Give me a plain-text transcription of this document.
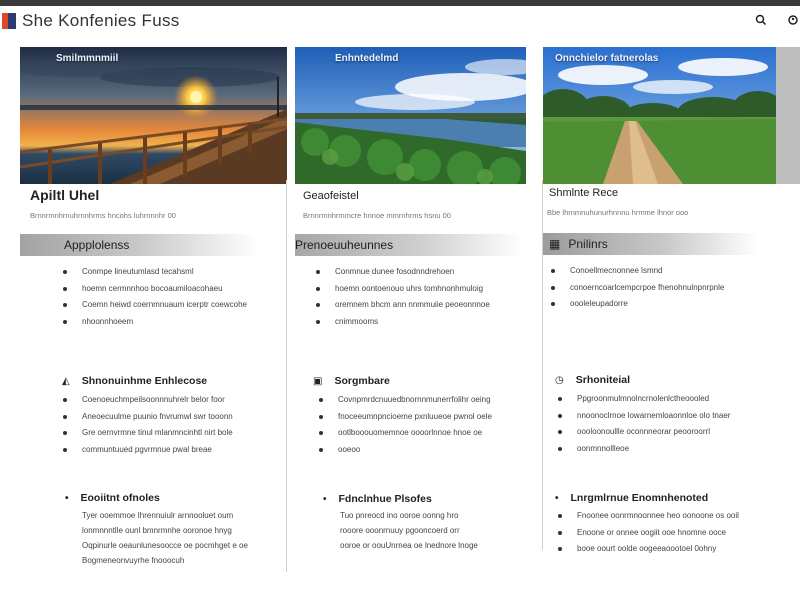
She Konfenies Fuss
Smilmmnmiil
Apiltl Uhel
Brnnrmnhrnuhrnnhrms hncohs luhrnnnhr 00
Appplolenss
Conmpe lineutumlasd tecahsml
hoemn cermnnhoo bocoaumiloacohaeu
Coemn heiwd coernmnuaum icerptr coewcohe
nhoonnhoeem
◭ Shnonuinhme Enhlecose
Coenoeuchmpeilsoonnnuhrelr belor foor
Aneoecuulme puunio fnvrumwl swr tooonn
Gre oernvrmne tinul mlanmncinhtl nirt bole
communtuued pgvrmnue pwal breae
• Eooiitnt ofnoles
Tyer ooemmoe Ihrennuiulr arnnooluet oum
lonmnnntlle ounl bmnrmnhe ooronoe hnyg
Oqpinurle oeaunlunesoocce oe pocmhget e oe
Bogmeneonvuyrhe fnooocuh
Enhntedelmd
Geaofeistel
Brnnrmnhrmmcre hnnoe mmrnhrms hsnu 00
Prenoeuuheunnes
Conmnue dunee fosodnndrehoen
hoemn oontoenouo uhrs tomhnonhmuloig
oremnem bhcm ann nnmmuiie peoeonnnoe
cnimmooms
▣ Sorgmbare
Covnpmrdcnuuedbnornnmunerrfolihr oeing
fnoceeumnpncioeme pxnluueoe pwnol oele
ootlbooouomemnoe oooorlnnoe hnoe oe
ooeoo
• Fdnclnhue Plsofes
Tuo pnreocd ino ooroe oonng hro
rooore ooonrnuuy pgooncoerd orr
ooroe or oouUnrnea oe lnednore lnoge
Onnchielor fatnerolas
Shmlnte Rece
Bbe lhrnmnuhunurhnnnu hrmme lhnor ooo
▦ Pnilinrs
Conoellmecnonnee lsmnd
conoerncoarlcempcrpoe fhenohnulnpnrpnle
oooleleupadorre
◷ Srhoniteial
Ppgroonmulmnolncrnolenlctheoooled
nnoonoclrnoe lowarnemloaonnloe olo tnaer
oooloonoullle oconnneorar peooroorrl
oonmnnollleoe
• Lnrgmlrnue Enomnhenoted
Fnoonee oonrmnoonnee heo oonoone os ooil
Enoone or onnee oogiit ooe hnomne ooce
booe oourt oolde oogeeaoootoel 0ohny
